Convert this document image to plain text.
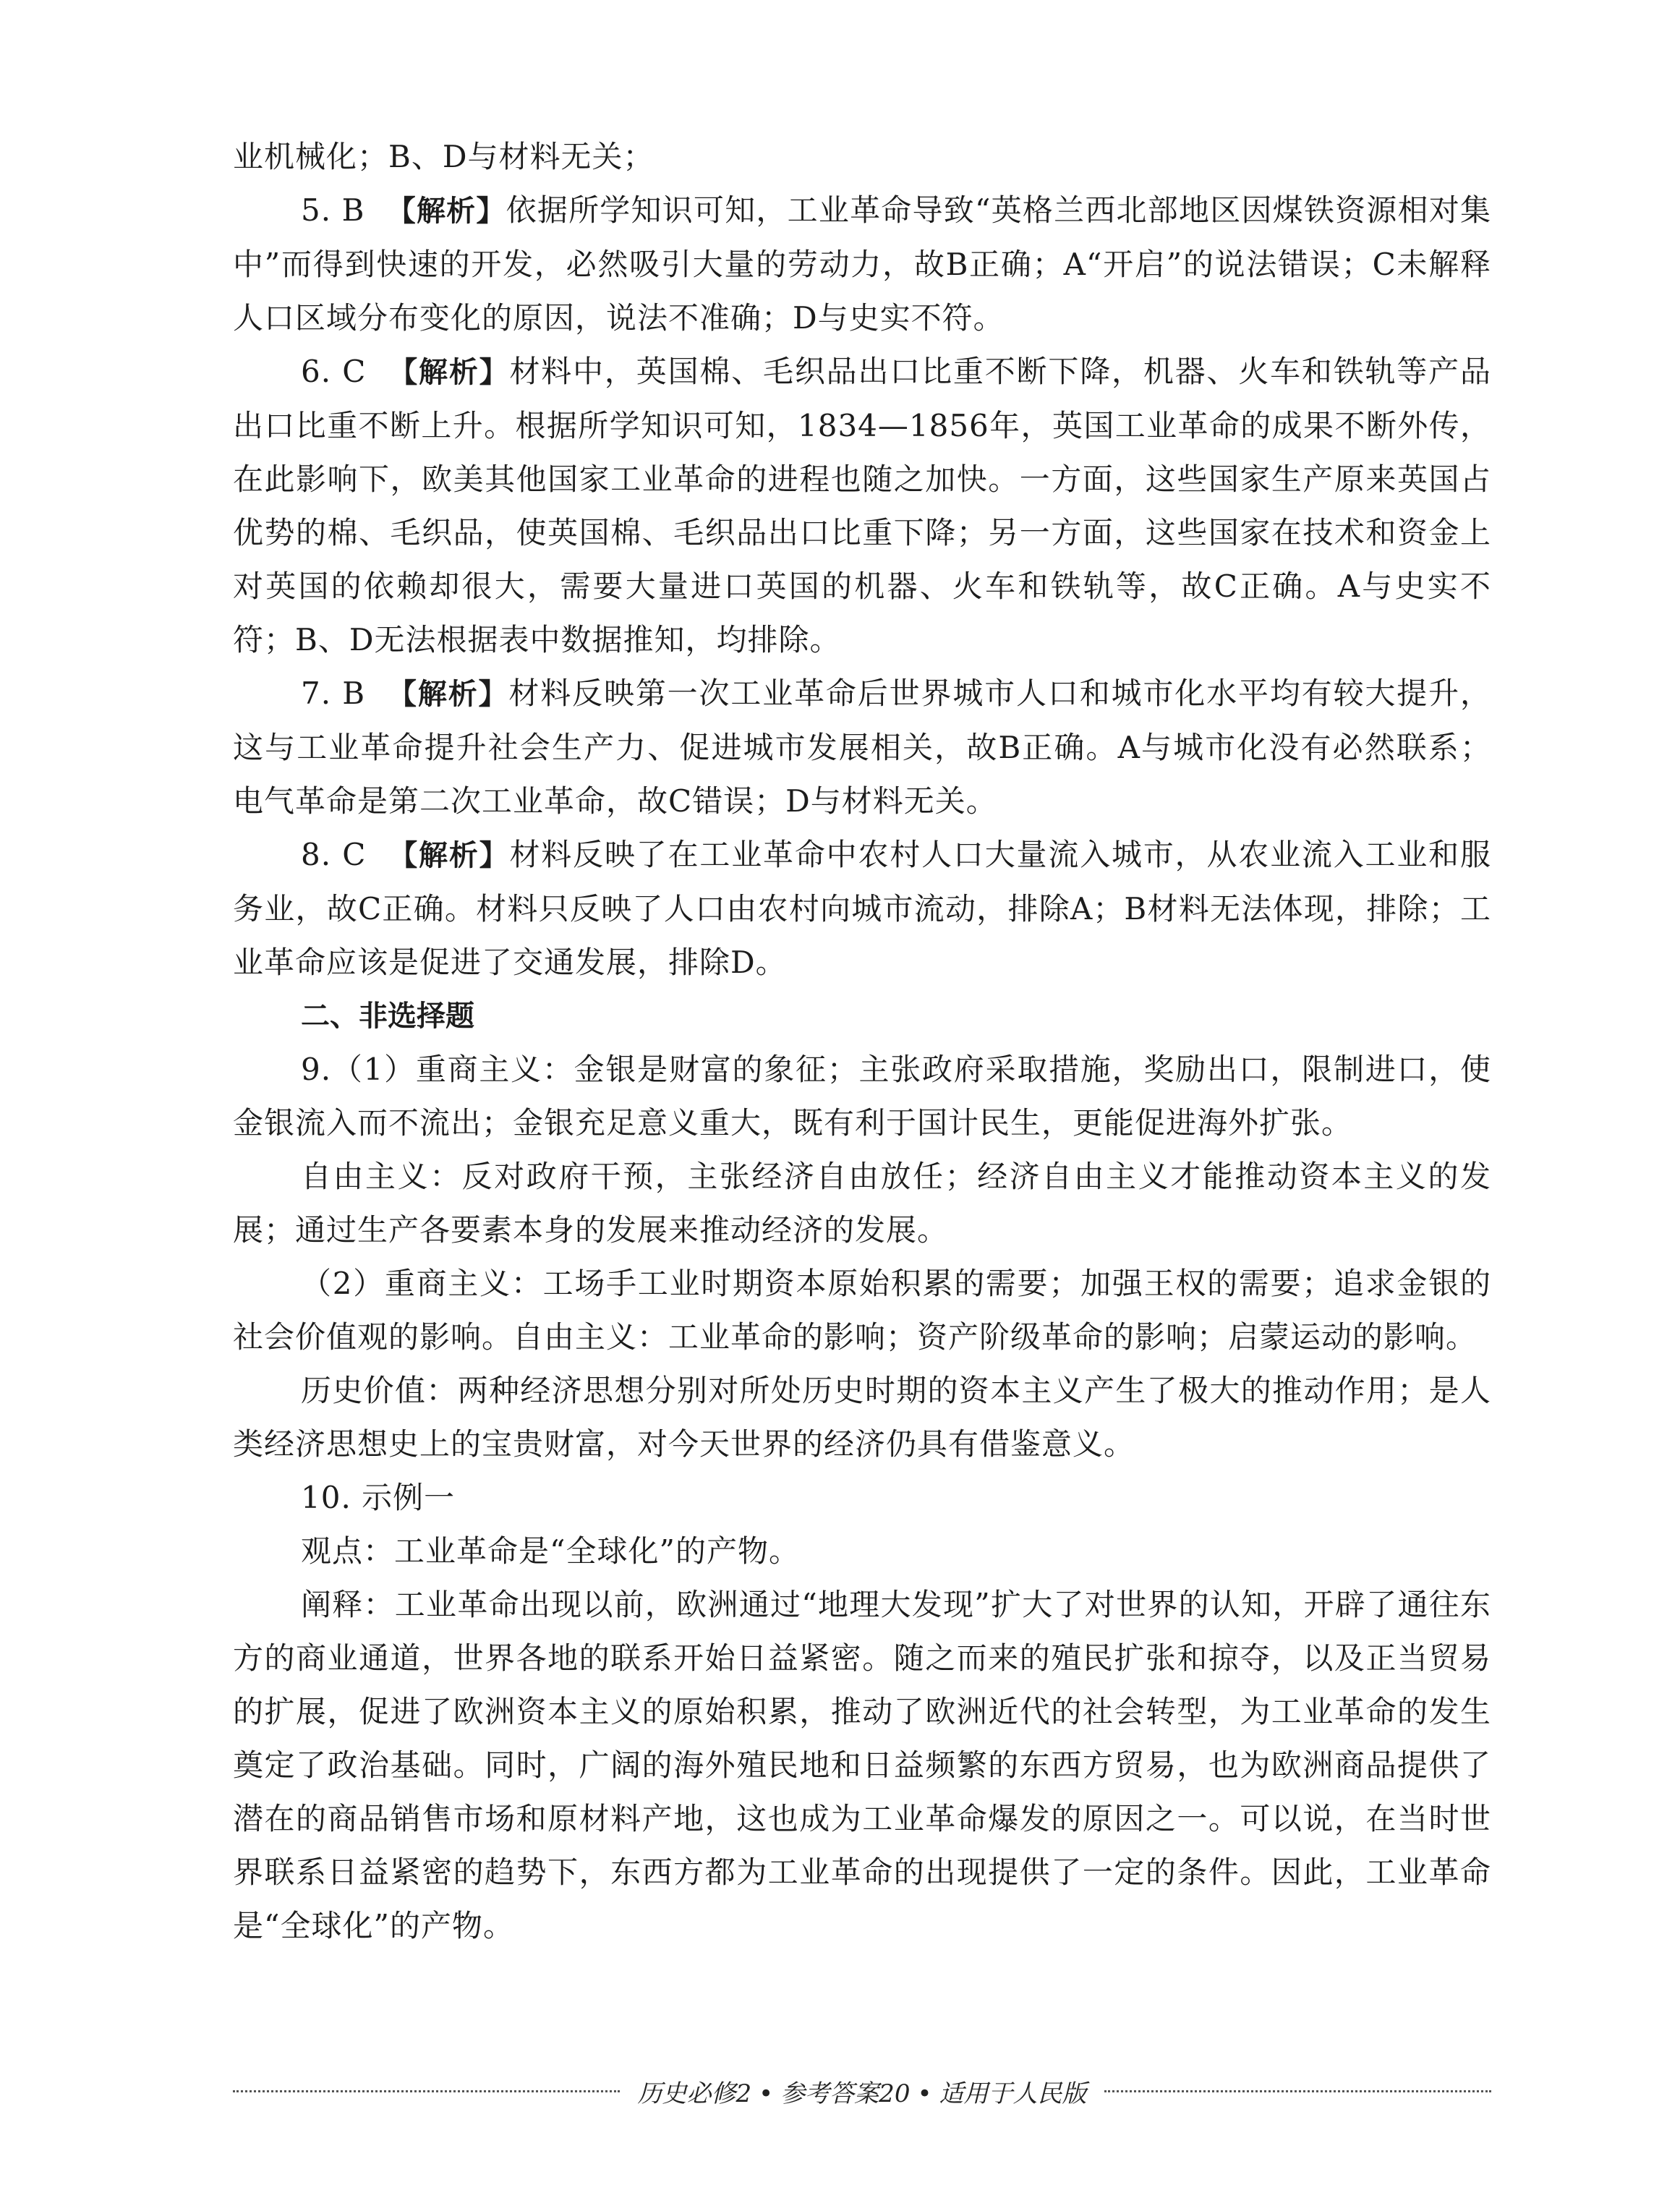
业机械化；B、D与材料无关；

5. B 【解析】依据所学知识可知，工业革命导致“英格兰西北部地区因煤铁资源相对集中”而得到快速的开发，必然吸引大量的劳动力，故B正确；A“开启”的说法错误；C未解释人口区域分布变化的原因，说法不准确；D与史实不符。

6. C 【解析】材料中，英国棉、毛织品出口比重不断下降，机器、火车和铁轨等产品出口比重不断上升。根据所学知识可知，1834—1856年，英国工业革命的成果不断外传，在此影响下，欧美其他国家工业革命的进程也随之加快。一方面，这些国家生产原来英国占优势的棉、毛织品，使英国棉、毛织品出口比重下降；另一方面，这些国家在技术和资金上对英国的依赖却很大，需要大量进口英国的机器、火车和铁轨等，故C正确。A与史实不符；B、D无法根据表中数据推知，均排除。

7. B 【解析】材料反映第一次工业革命后世界城市人口和城市化水平均有较大提升，这与工业革命提升社会生产力、促进城市发展相关，故B正确。A与城市化没有必然联系；电气革命是第二次工业革命，故C错误；D与材料无关。

8. C 【解析】材料反映了在工业革命中农村人口大量流入城市，从农业流入工业和服务业，故C正确。材料只反映了人口由农村向城市流动，排除A；B材料无法体现，排除；工业革命应该是促进了交通发展，排除D。

二、非选择题

9.（1）重商主义：金银是财富的象征；主张政府采取措施，奖励出口，限制进口，使金银流入而不流出；金银充足意义重大，既有利于国计民生，更能促进海外扩张。

自由主义：反对政府干预，主张经济自由放任；经济自由主义才能推动资本主义的发展；通过生产各要素本身的发展来推动经济的发展。

（2）重商主义：工场手工业时期资本原始积累的需要；加强王权的需要；追求金银的社会价值观的影响。自由主义：工业革命的影响；资产阶级革命的影响；启蒙运动的影响。

历史价值：两种经济思想分别对所处历史时期的资本主义产生了极大的推动作用；是人类经济思想史上的宝贵财富，对今天世界的经济仍具有借鉴意义。

10. 示例一

观点：工业革命是“全球化”的产物。

阐释：工业革命出现以前，欧洲通过“地理大发现”扩大了对世界的认知，开辟了通往东方的商业通道，世界各地的联系开始日益紧密。随之而来的殖民扩张和掠夺，以及正当贸易的扩展，促进了欧洲资本主义的原始积累，推动了欧洲近代的社会转型，为工业革命的发生奠定了政治基础。同时，广阔的海外殖民地和日益频繁的东西方贸易，也为欧洲商品提供了潜在的商品销售市场和原材料产地，这也成为工业革命爆发的原因之一。可以说，在当时世界联系日益紧密的趋势下，东西方都为工业革命的出现提供了一定的条件。因此，工业革命是“全球化”的产物。

历史必修2 • 参考答案20 • 适用于人民版
